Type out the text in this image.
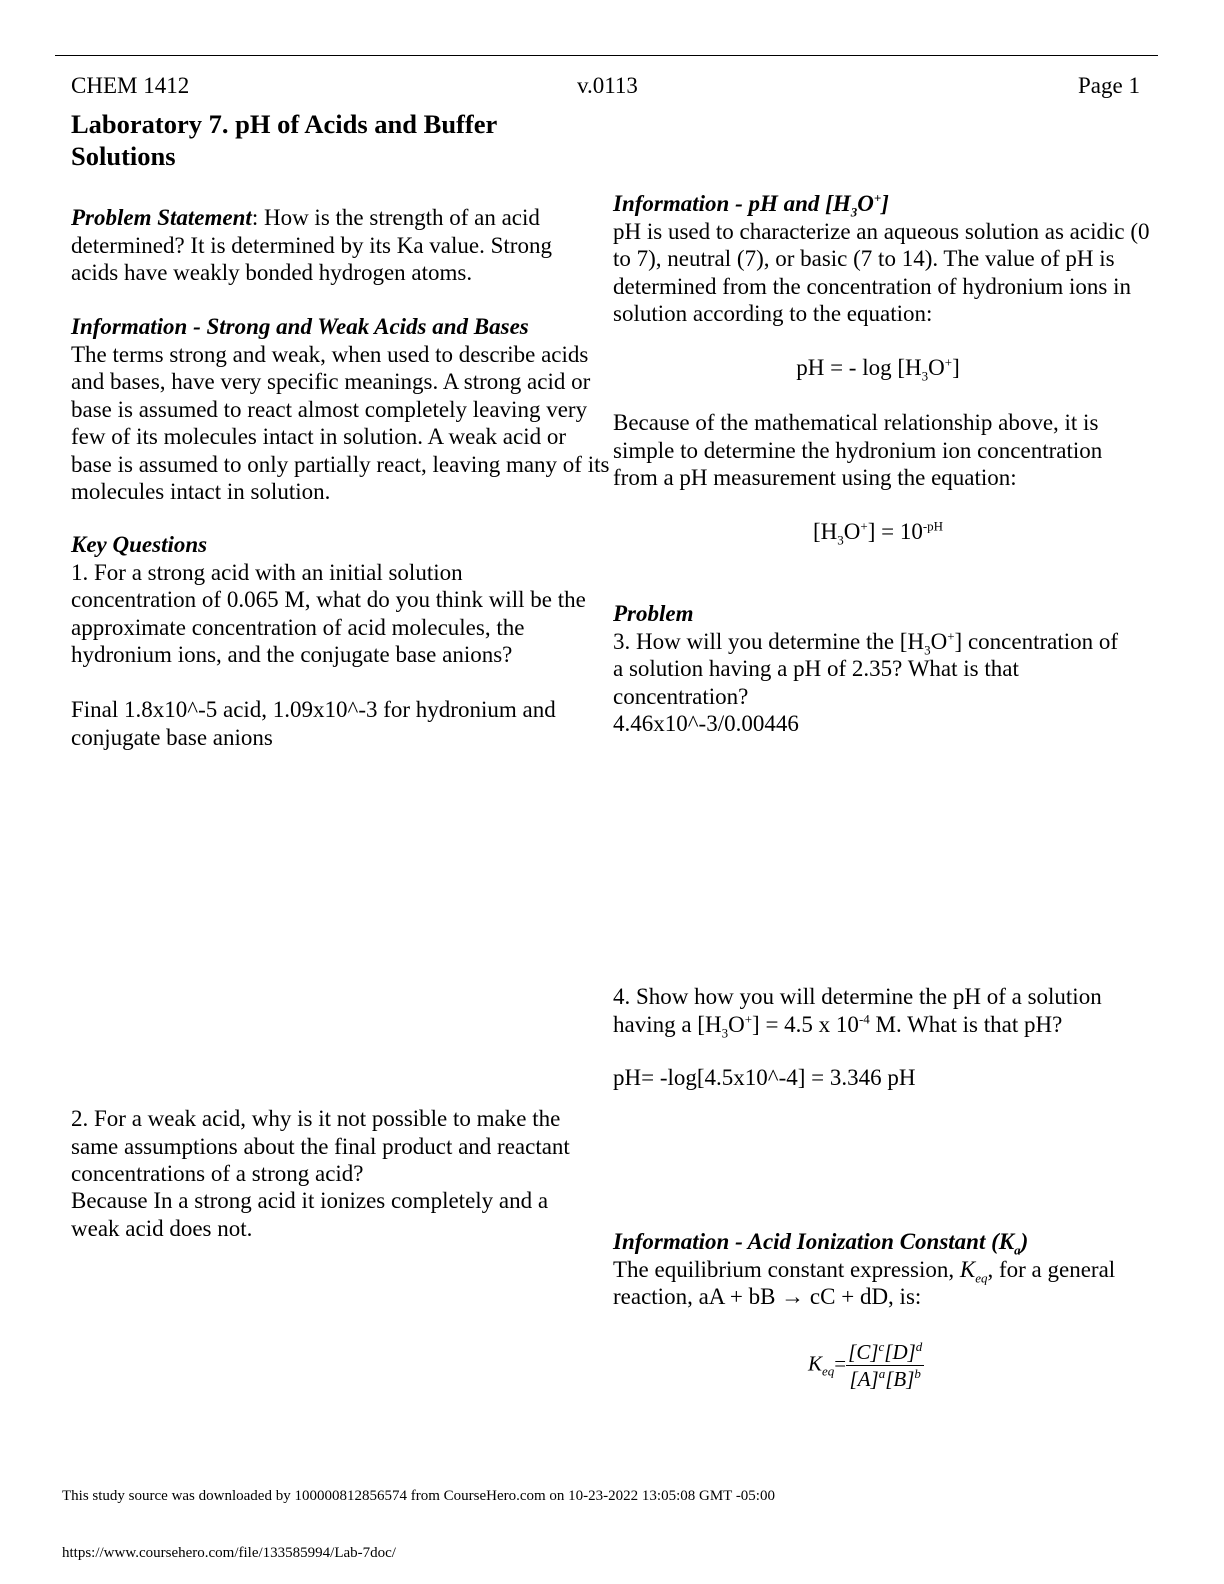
CHEM 1412	v.0113	Page 1
Laboratory 7. pH of Acids and Buffer Solutions
Problem Statement: How is the strength of an acid determined? It is determined by its Ka value. Strong acids have weakly bonded hydrogen atoms.
Information - Strong and Weak Acids and Bases
The terms strong and weak, when used to describe acids and bases, have very specific meanings. A strong acid or base is assumed to react almost completely leaving very few of its molecules intact in solution. A weak acid or base is assumed to only partially react, leaving many of its molecules intact in solution.
Key Questions
1. For a strong acid with an initial solution concentration of 0.065 M, what do you think will be the approximate concentration of acid molecules, the hydronium ions, and the conjugate base anions?
Final 1.8x10^-5 acid, 1.09x10^-3 for hydronium and conjugate base anions
2. For a weak acid, why is it not possible to make the same assumptions about the final product and reactant concentrations of a strong acid?
Because In a strong acid it ionizes completely and a weak acid does not.
Information - pH and $[H_3O^+]$
pH is used to characterize an aqueous solution as acidic (0 to 7), neutral (7), or basic (7 to 14). The value of pH is determined from the concentration of hydronium ions in solution according to the equation:
pH = - $\log [H_3O^+]$
Because of the mathematical relationship above, it is simple to determine the hydronium ion concentration from a pH measurement using the equation:
$[H_3O^+] = 10^{-pH}$
Problem
3. How will you determine the $[H_3O^+]$ concentration of a solution having a pH of 2.35? What is that concentration?
4.46x10^-3/0.00446
4. Show how you will determine the pH of a solution having a $[H_3O^+] = 4.5$ x $10^{-4}$ M. What is that pH?
pH= -log[4.5x10^-4] = 3.346 pH
Information - Acid Ionization Constant $(K_a)$
The equilibrium constant expression, $K_{eq}$, for a general reaction, aA + bB → cC + dD, is:
$K_{eq}= \frac{[C]^c[D]^d}{[A]^a[B]^b}$
This study source was downloaded by 100000812856574 from CourseHero.com on 10-23-2022 13:05:08 GMT -05:00
https://www.coursehero.com/file/133585994/Lab-7doc/
